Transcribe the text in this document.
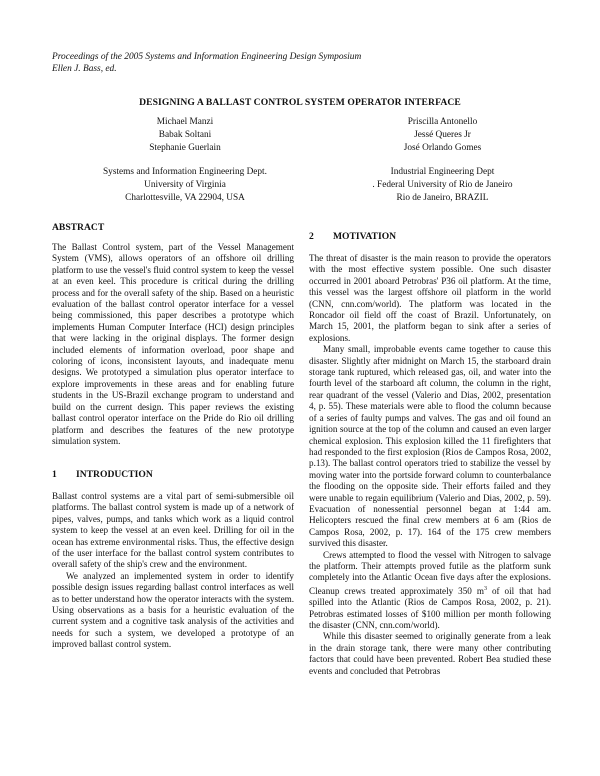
Proceedings of the 2005 Systems and Information Engineering Design Symposium
Ellen J. Bass, ed.
DESIGNING A BALLAST CONTROL SYSTEM OPERATOR INTERFACE
Michael Manzi
Babak Soltani
Stephanie Guerlain
Priscilla Antonello
Jessé Queres Jr
José Orlando Gomes
Systems and Information Engineering Dept.
University of Virginia
Charlottesville, VA 22904, USA
Industrial Engineering Dept
. Federal University of Rio de Janeiro
Rio de Janeiro, BRAZIL
ABSTRACT

The Ballast Control system, part of the Vessel Management System (VMS), allows operators of an offshore oil drilling platform to use the vessel's fluid control system to keep the vessel at an even keel. This procedure is critical during the drilling process and for the overall safety of the ship. Based on a heuristic evaluation of the ballast control operator interface for a vessel being commissioned, this paper describes a prototype which implements Human Computer Interface (HCI) design principles that were lacking in the original displays. The former design included elements of information overload, poor shape and coloring of icons, inconsistent layouts, and inadequate menu designs. We prototyped a simulation plus operator interface to explore improvements in these areas and for enabling future students in the US-Brazil exchange program to understand and build on the current design. This paper reviews the existing ballast control operator interface on the Pride do Rio oil drilling platform and describes the features of the new prototype simulation system.

1 INTRODUCTION

Ballast control systems are a vital part of semi-submersible oil platforms. The ballast control system is made up of a network of pipes, valves, pumps, and tanks which work as a liquid control system to keep the vessel at an even keel. Drilling for oil in the ocean has extreme environmental risks. Thus, the effective design of the user interface for the ballast control system contributes to overall safety of the ship's crew and the environment.

We analyzed an implemented system in order to identify possible design issues regarding ballast control interfaces as well as to better understand how the operator interacts with the system. Using observations as a basis for a heuristic evaluation of the current system and a cognitive task analysis of the activities and needs for such a system, we developed a prototype of an improved ballast control system.

2 MOTIVATION

The threat of disaster is the main reason to provide the operators with the most effective system possible. One such disaster occurred in 2001 aboard Petrobras' P36 oil platform. At the time, this vessel was the largest offshore oil platform in the world (CNN, cnn.com/world). The platform was located in the Roncador oil field off the coast of Brazil. Unfortunately, on March 15, 2001, the platform began to sink after a series of explosions.

Many small, improbable events came together to cause this disaster. Slightly after midnight on March 15, the starboard drain storage tank ruptured, which released gas, oil, and water into the fourth level of the starboard aft column, the column in the right, rear quadrant of the vessel (Valerio and Dias, 2002, presentation 4, p. 55). These materials were able to flood the column because of a series of faulty pumps and valves. The gas and oil found an ignition source at the top of the column and caused an even larger chemical explosion. This explosion killed the 11 firefighters that had responded to the first explosion (Rios de Campos Rosa, 2002, p.13). The ballast control operators tried to stabilize the vessel by moving water into the portside forward column to counterbalance the flooding on the opposite side. Their efforts failed and they were unable to regain equilibrium (Valerio and Dias, 2002, p. 59). Evacuation of nonessential personnel began at 1:44 am. Helicopters rescued the final crew members at 6 am (Rios de Campos Rosa, 2002, p. 17). 164 of the 175 crew members survived this disaster.

Crews attempted to flood the vessel with Nitrogen to salvage the platform. Their attempts proved futile as the platform sunk completely into the Atlantic Ocean five days after the explosions. Cleanup crews treated approximately 350 $m^3$ of oil that had spilled into the Atlantic (Rios de Campos Rosa, 2002, p. 21). Petrobras estimated losses of $100 million per month following the disaster (CNN, cnn.com/world).

While this disaster seemed to originally generate from a leak in the drain storage tank, there were many other contributing factors that could have been prevented. Robert Bea studied these events and concluded that Petrobras
